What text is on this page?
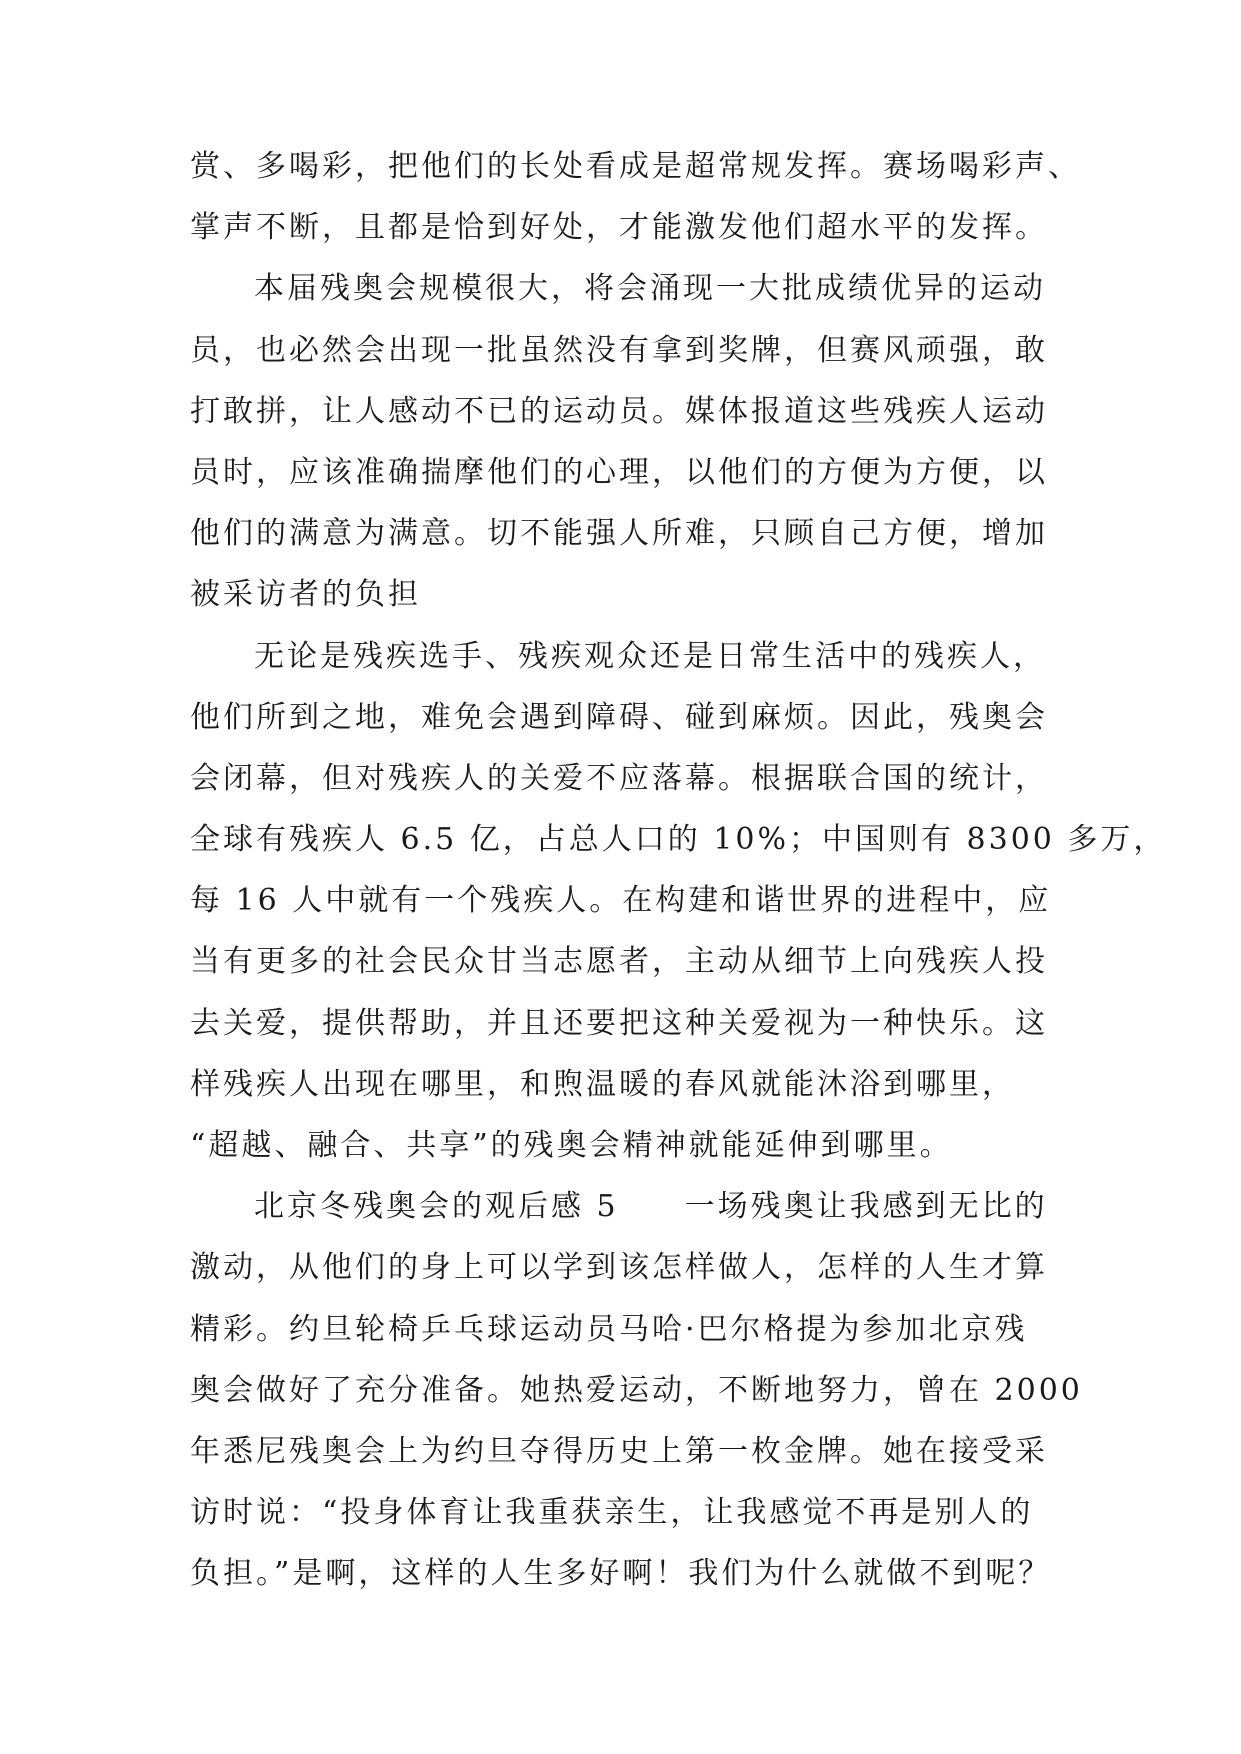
赏、多喝彩，把他们的长处看成是超常规发挥。赛场喝彩声、
掌声不断，且都是恰到好处，才能激发他们超水平的发挥。
本届残奥会规模很大，将会涌现一大批成绩优异的运动
员，也必然会出现一批虽然没有拿到奖牌，但赛风顽强，敢
打敢拼，让人感动不已的运动员。媒体报道这些残疾人运动
员时，应该准确揣摩他们的心理，以他们的方便为方便，以
他们的满意为满意。切不能强人所难，只顾自己方便，增加
被采访者的负担
无论是残疾选手、残疾观众还是日常生活中的残疾人，
他们所到之地，难免会遇到障碍、碰到麻烦。因此，残奥会
会闭幕，但对残疾人的关爱不应落幕。根据联合国的统计，
全球有残疾人 6.5 亿，占总人口的 10%；中国则有 8300 多万，
每 16 人中就有一个残疾人。在构建和谐世界的进程中，应
当有更多的社会民众甘当志愿者，主动从细节上向残疾人投
去关爱，提供帮助，并且还要把这种关爱视为一种快乐。这
样残疾人出现在哪里，和煦温暖的春风就能沐浴到哪里，
“超越、融合、共享”的残奥会精神就能延伸到哪里。
北京冬残奥会的观后感 5　　一场残奥让我感到无比的
激动，从他们的身上可以学到该怎样做人，怎样的人生才算
精彩。约旦轮椅乒乓球运动员马哈·巴尔格提为参加北京残
奥会做好了充分准备。她热爱运动，不断地努力，曾在 2000
年悉尼残奥会上为约旦夺得历史上第一枚金牌。她在接受采
访时说：“投身体育让我重获亲生，让我感觉不再是别人的
负担。”是啊，这样的人生多好啊！我们为什么就做不到呢？
